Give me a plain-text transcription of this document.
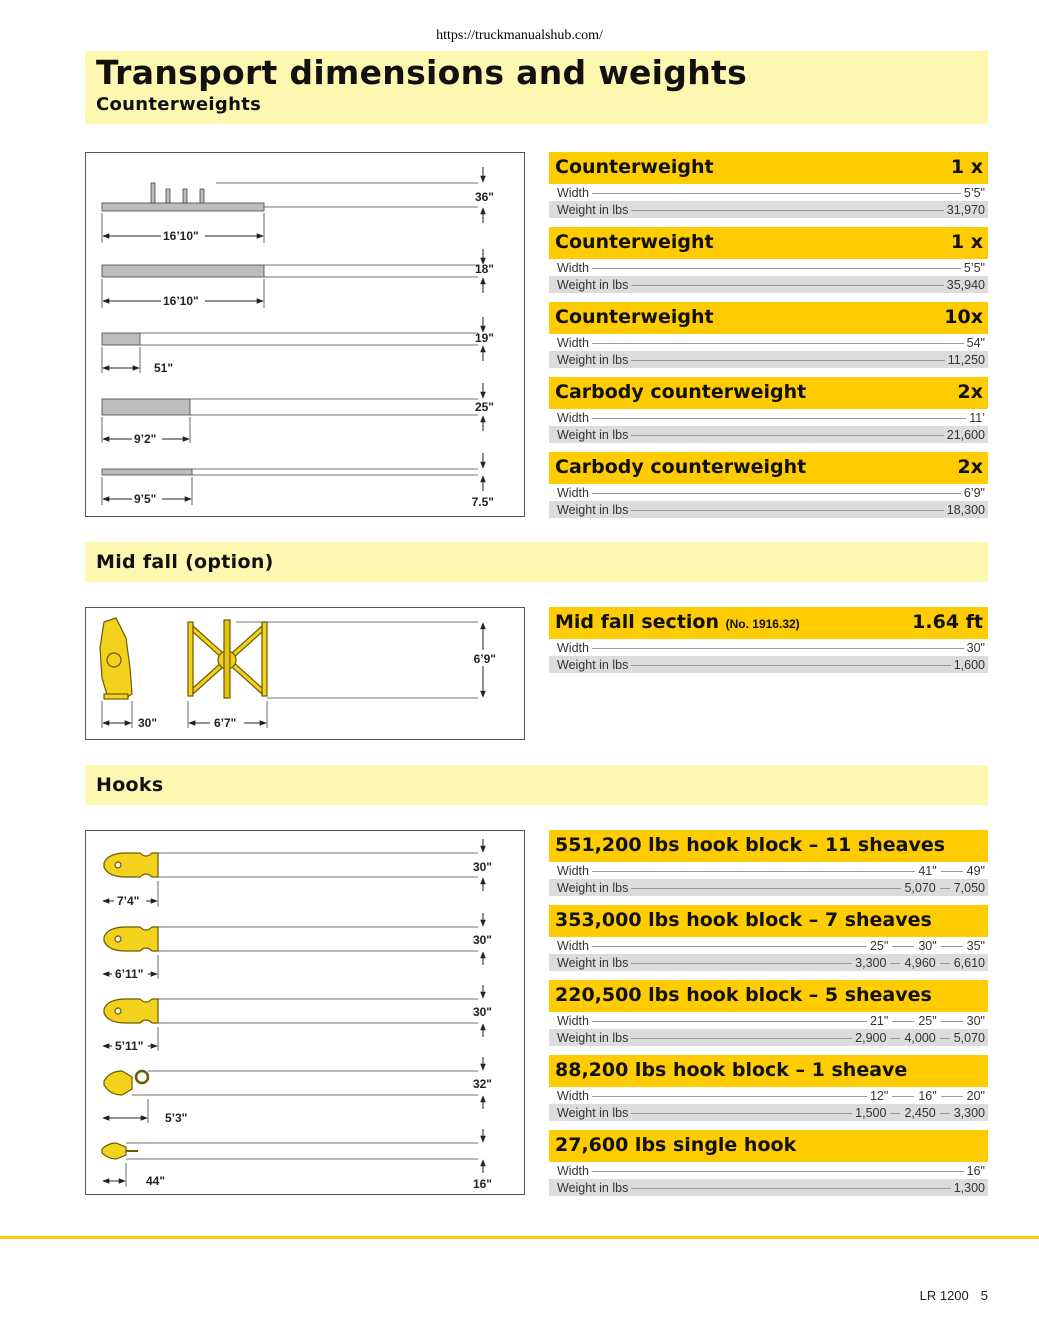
https://truckmanualshub.com/
Transport dimensions and weights
Counterweights
16’10"
16’10"
51"
9’2"
9’5"
36"
18"
19"
25"
7.5"
Counterweight	1 x
Width	5’5"
Weight in lbs	31,970
Counterweight	1 x
Width	5’5"
Weight in lbs	35,940
Counterweight	10x
Width	54"
Weight in lbs	11,250
Carbody counterweight	2x
Width	11’
Weight in lbs	21,600
Carbody counterweight	2x
Width	6’9"
Weight in lbs	18,300
Mid fall (option)
6’9"
30"	6’7"
Mid fall section (No. 1916.32)	1.64 ft
Width	30"
Weight in lbs	1,600
Hooks
7’4"
6’11"
5’11"
5’3"
44"
30"
30"
30"
32"
16"
551,200 lbs hook block – 11 sheaves
Width	41" 49"
Weight in lbs	5,070 7,050
353,000 lbs hook block – 7 sheaves
Width	25" 30" 35"
Weight in lbs	3,300 4,960 6,610
220,500 lbs hook block – 5 sheaves
Width	21" 25" 30"
Weight in lbs	2,900 4,000 5,070
88,200 lbs hook block – 1 sheave
Width	12" 16" 20"
Weight in lbs	1,500 2,450 3,300
27,600 lbs single hook
Width	16"
Weight in lbs	1,300
LR 1200 5
